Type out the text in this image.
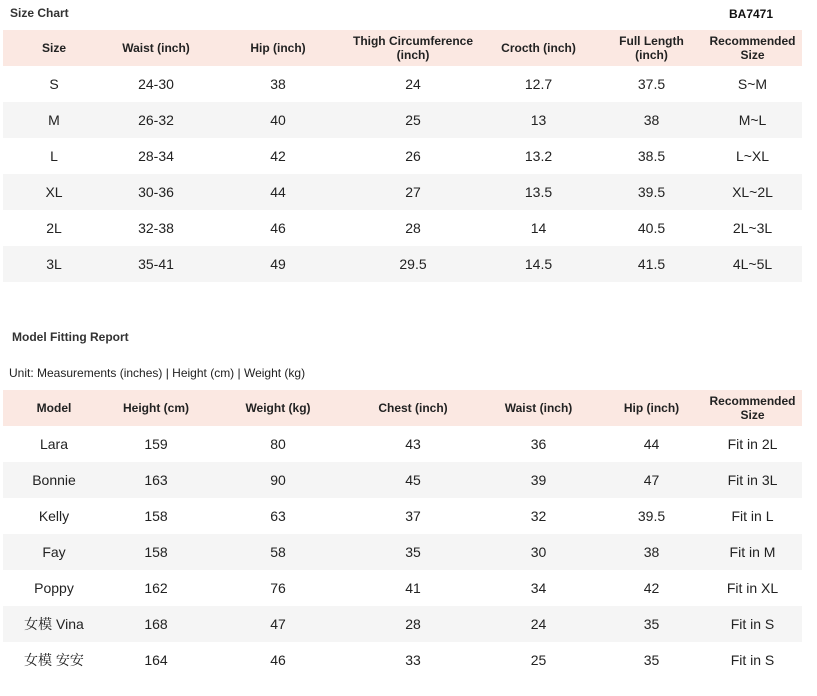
Size Chart	BA7471
Size	Waist (inch)	Hip (inch)	Thigh Circumference (inch)	Crocth (inch)	Full Length (inch)	Recommended Size
S	24-30	38	24	12.7	37.5	S~M
M	26-32	40	25	13	38	M~L
L	28-34	42	26	13.2	38.5	L~XL
XL	30-36	44	27	13.5	39.5	XL~2L
2L	32-38	46	28	14	40.5	2L~3L
3L	35-41	49	29.5	14.5	41.5	4L~5L
Model Fitting Report
Unit: Measurements (inches) | Height (cm) | Weight (kg)
Model	Height (cm)	Weight (kg)	Chest (inch)	Waist (inch)	Hip (inch)	Recommended Size
Lara	159	80	43	36	44	Fit in 2L
Bonnie	163	90	45	39	47	Fit in 3L
Kelly	158	63	37	32	39.5	Fit in L
Fay	158	58	35	30	38	Fit in M
Poppy	162	76	41	34	42	Fit in XL
女模 Vina	168	47	28	24	35	Fit in S
女模 安安	164	46	33	25	35	Fit in S
